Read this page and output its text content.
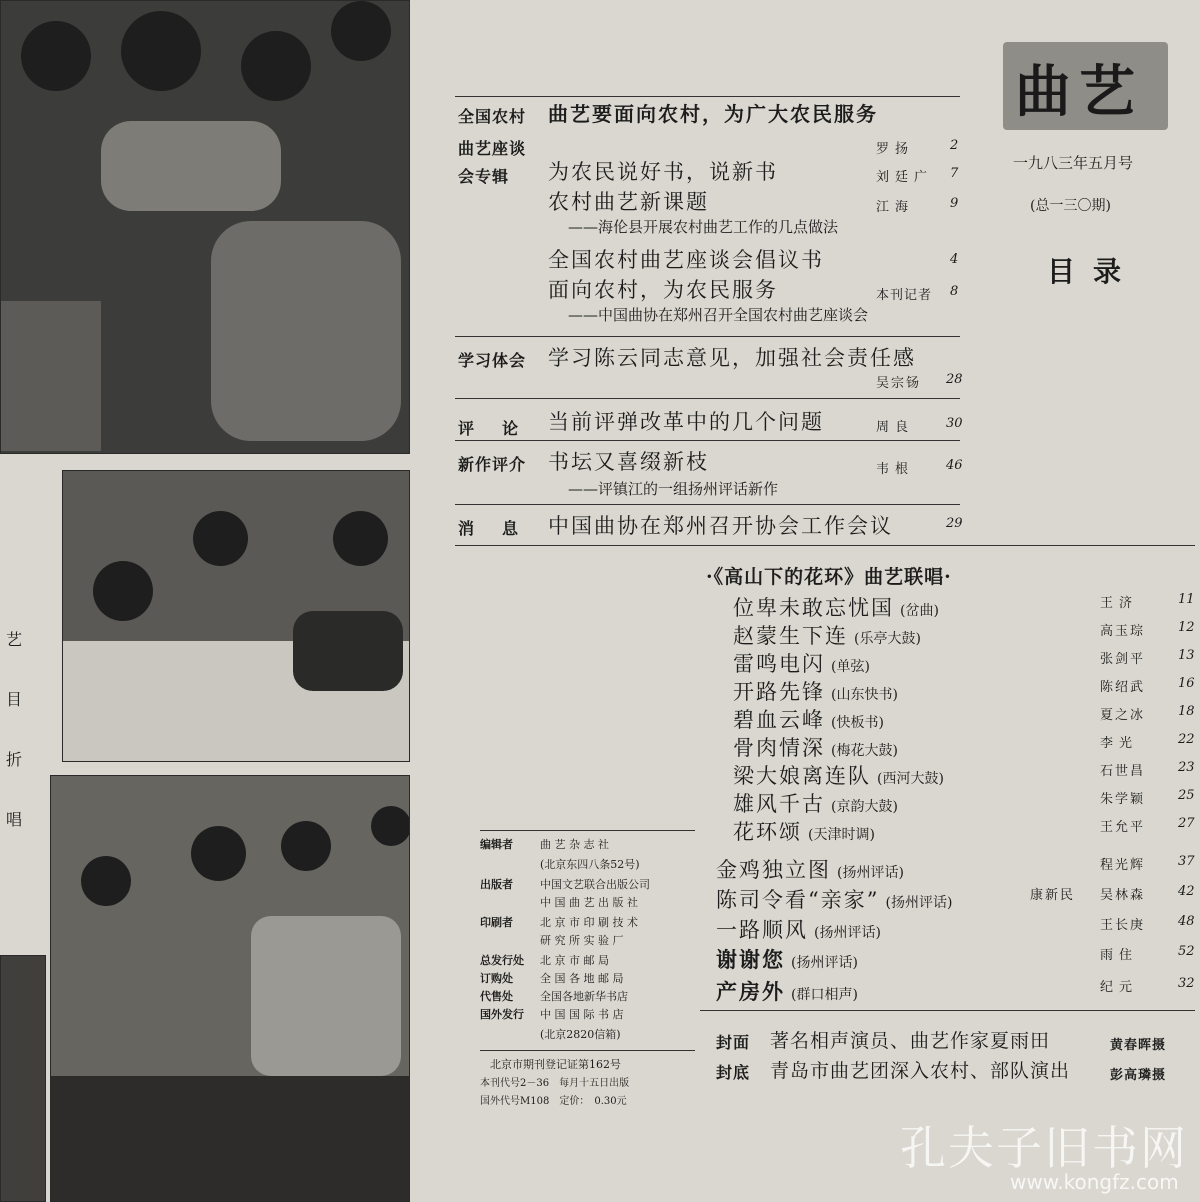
艺
目
折
唱
编辑者 曲 艺 杂 志 社
(北京东四八条52号)
出版者 中国文艺联合出版公司
中 国 曲 艺 出 版 社
印刷者 北 京 市 印 刷 技 术
研 究 所 实 验 厂
总发行处 北 京 市 邮 局
订购处 全 国 各 地 邮 局
代售处 全国各地新华书店
国外发行 中 国 国 际 书 店
(北京2820信箱)
北京市期刊登记证第162号
本刊代号2－36　每月十五日出版
国外代号M108　定价：　0.30元
曲艺
一九八三年五月号
(总一三〇期)
目录
全国农村
曲艺座谈
会专辑
曲艺要面向农村，为广大农民服务
罗扬	2
为农民说好书，说新书	刘廷广 7
农村曲艺新课题	江海	9
——海伦县开展农村曲艺工作的几点做法
全国农村曲艺座谈会倡议书	4
面向农村，为农民服务	本刊记者 8
——中国曲协在郑州召开全国农村曲艺座谈会
学习体会 学习陈云同志意见，加强社会责任感
吴宗钖 28
评　论 当前评弹改革中的几个问题	周良 30
新作评介 书坛又喜缀新枝	韦根 46
——评镇江的一组扬州评话新作
消　息 中国曲协在郑州召开协会工作会议	29
·《高山下的花环》曲艺联唱·
位卑未敢忘忧国 (岔曲)	王济	11
赵蒙生下连 (乐亭大鼓)	高玉琮	12
雷鸣电闪 (单弦)	张剑平	13
开路先锋 (山东快书)	陈绍武	16
碧血云峰 (快板书)	夏之冰	18
骨肉情深 (梅花大鼓)	李光	22
梁大娘离连队 (西河大鼓)	石世昌	23
雄风千古 (京韵大鼓)	朱学颖	25
花环颂 (天津时调)	王允平	27
金鸡独立图 (扬州评话)	程光辉	37
陈司令看“亲家” (扬州评话)	康新民 吴林森	42
一路顺风 (扬州评话)	王长庚	48
谢谢您 (扬州评话)	雨住	52
产房外 (群口相声)	纪元	32
封面 著名相声演员、曲艺作家夏雨田	黄春晖摄
封底 青岛市曲艺团深入农村、部队演出	彭高璘摄
孔夫子旧书网
www.kongfz.com
